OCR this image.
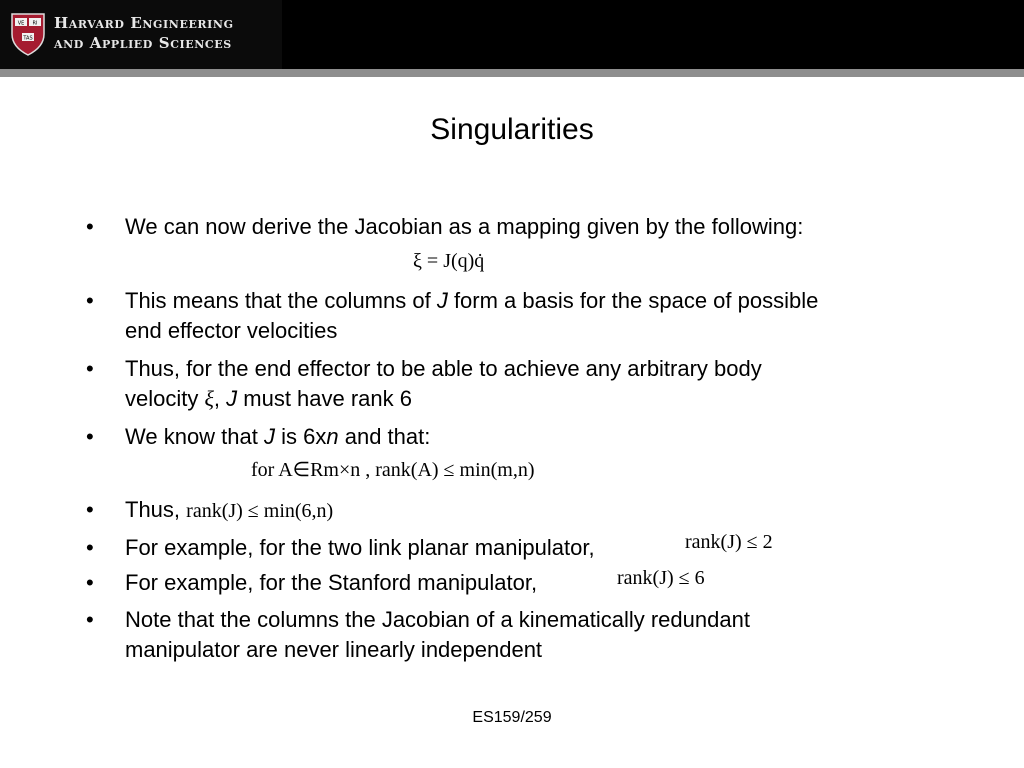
VE RI
TAS
Harvard Engineering
and Applied Sciences
Singularities
• We can now derive the Jacobian as a mapping given by the following:
ξ = J(q)q̇
• This means that the columns of J form a basis for the space of possible
end effector velocities
• Thus, for the end effector to be able to achieve any arbitrary body
velocity ξ, J must have rank 6
• We know that J is 6xn and that:
for A∈Rm×n , rank(A) ≤ min(m,n)
• Thus, rank(J) ≤ min(6,n)
• For example, for the two link planar manipulator,	rank(J) ≤ 2
• For example, for the Stanford manipulator,	rank(J) ≤ 6
• Note that the columns the Jacobian of a kinematically redundant
manipulator are never linearly independent
ES159/259
